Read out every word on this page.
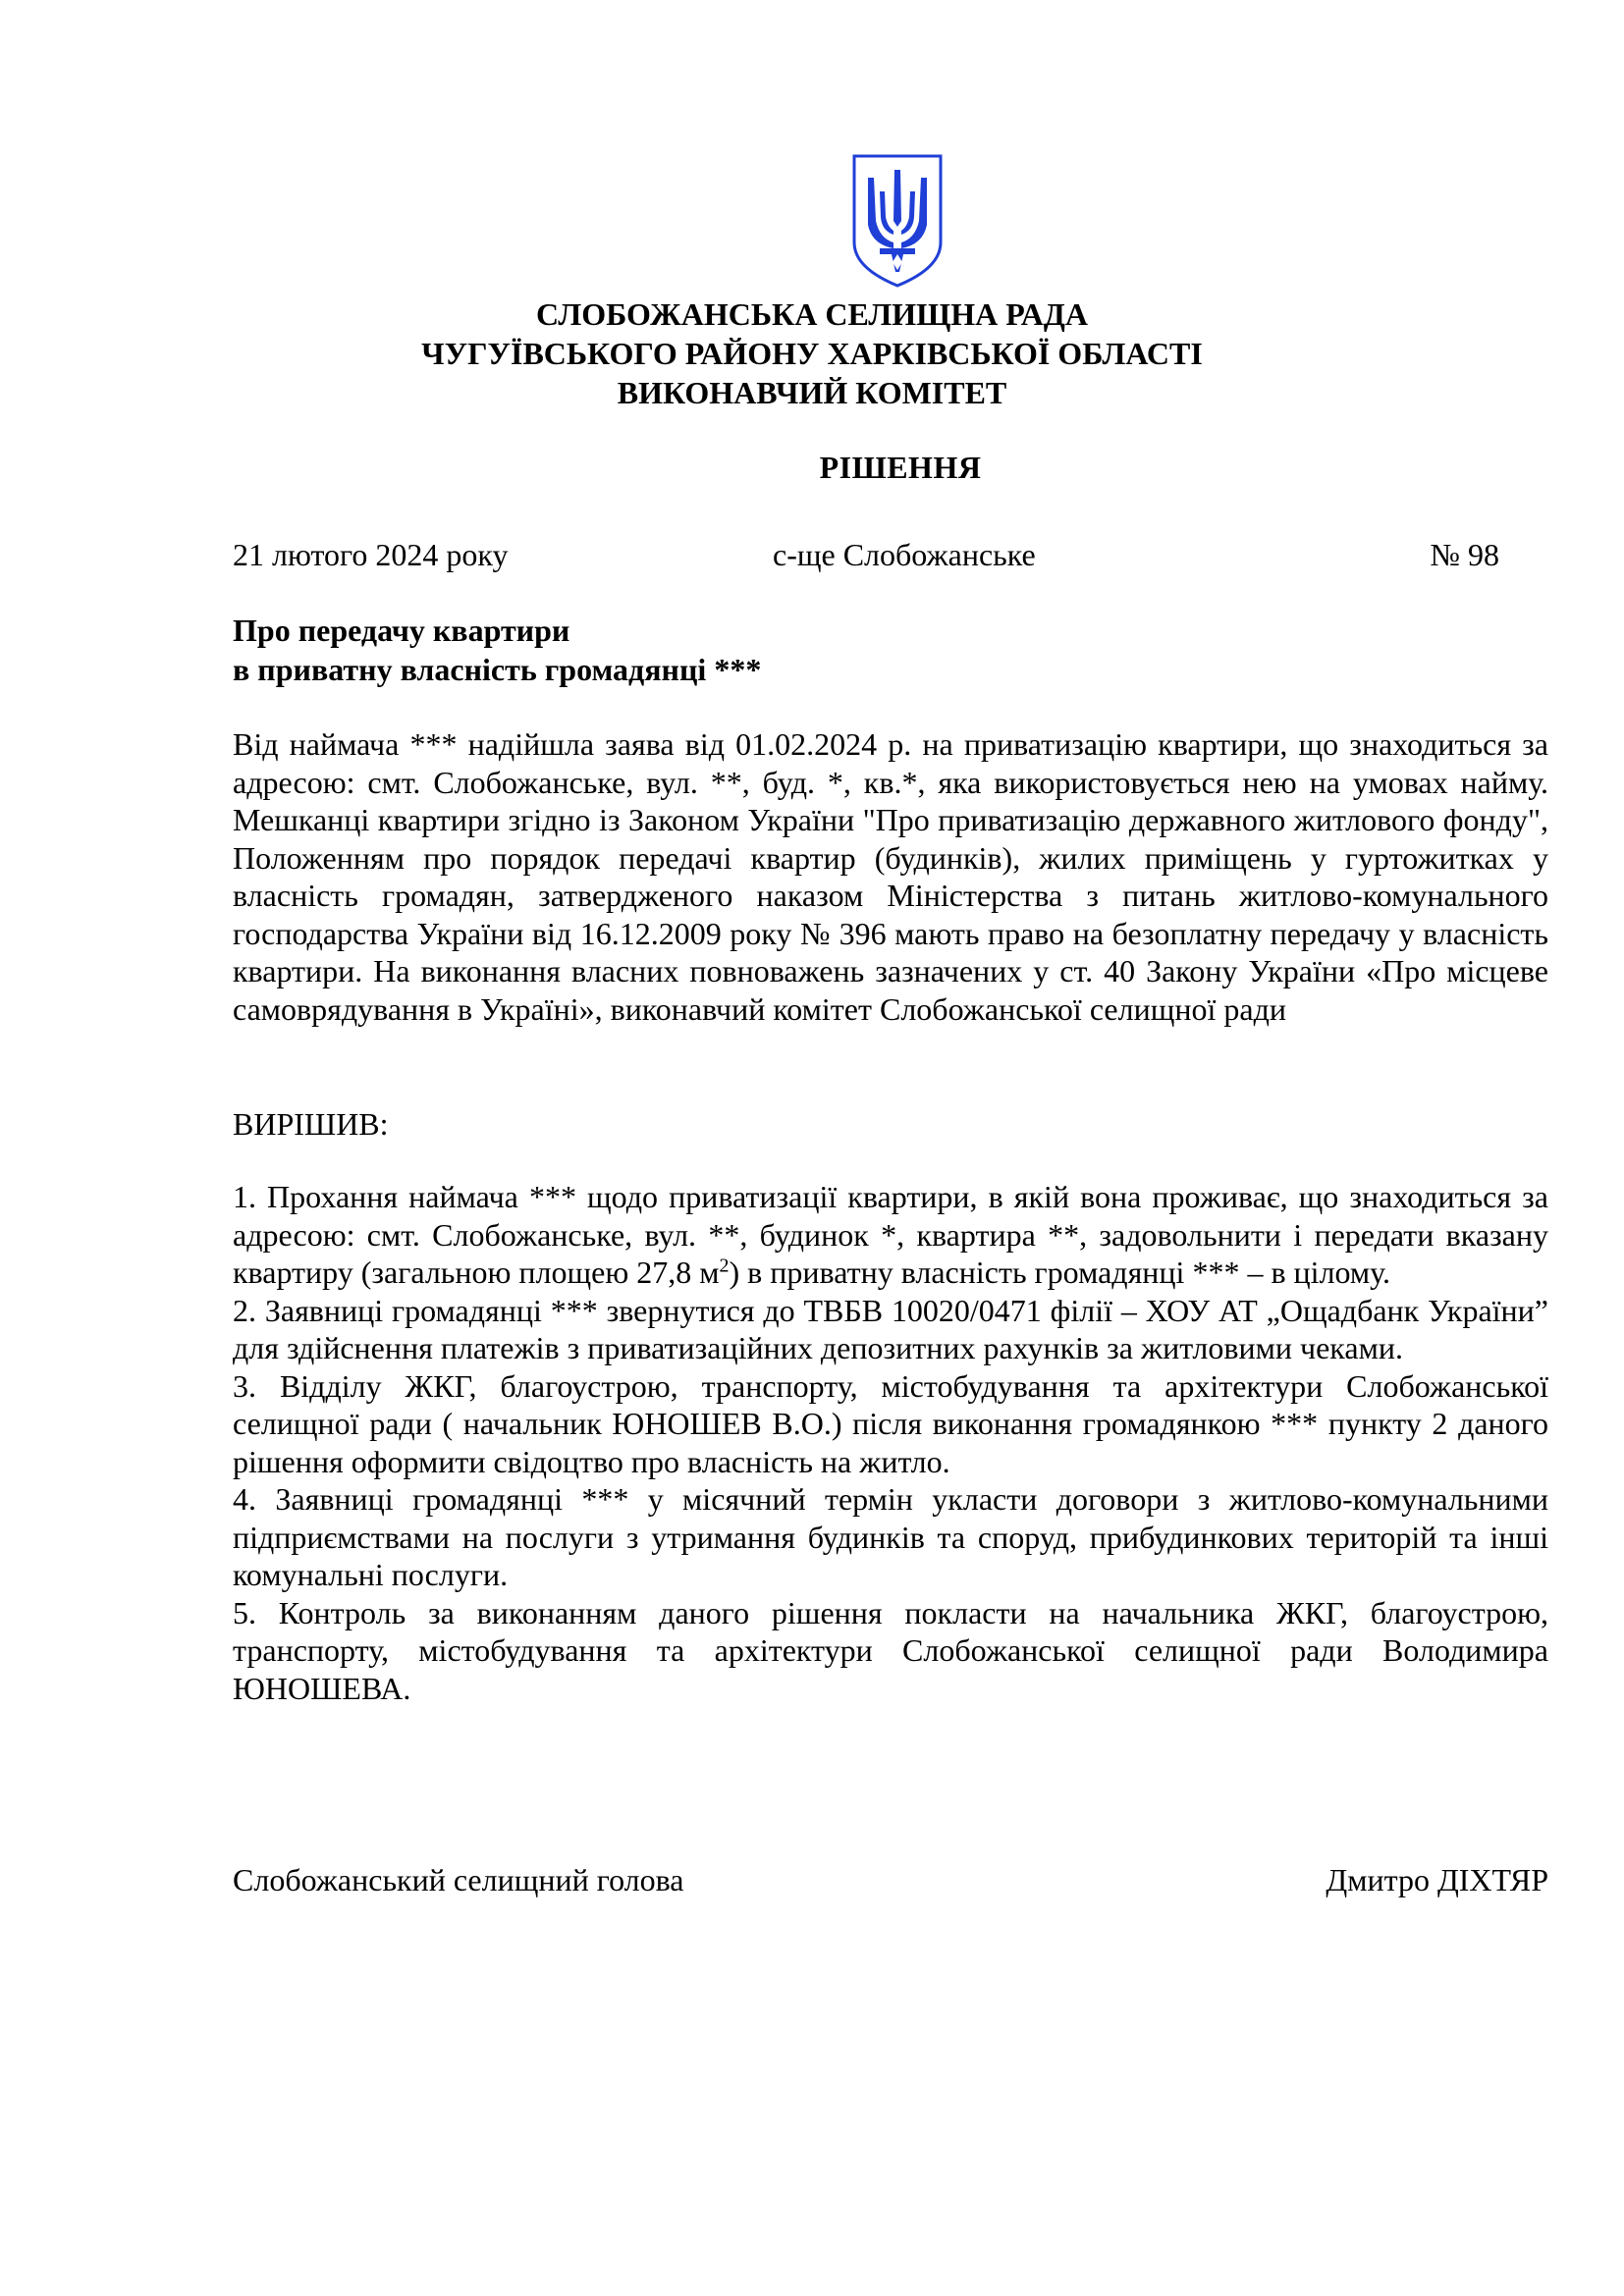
СЛОБОЖАНСЬКА СЕЛИЩНА РАДА
ЧУГУЇВСЬКОГО РАЙОНУ ХАРКІВСЬКОЇ ОБЛАСТІ
ВИКОНАВЧИЙ КОМІТЕТ
РІШЕННЯ
21 лютого 2024 року	с-ще Слобожанське	№ 98
Про передачу квартири
в приватну власність громадянці ***
Від наймача *** надійшла заява від 01.02.2024 р. на приватизацію квартири, що знаходиться за адресою: смт. Слобожанське, вул. **, буд. *, кв.*, яка використовується нею на умовах найму. Мешканці квартири згідно із Законом України "Про приватизацію державного житлового фонду", Положенням про порядок передачі квартир (будинків), жилих приміщень у гуртожитках у власність громадян, затвердженого наказом Міністерства з питань житлово-комунального господарства України від 16.12.2009 року № 396 мають право на безоплатну передачу у власність квартири. На виконання власних повноважень зазначених у ст. 40 Закону України «Про місцеве самоврядування в Україні», виконавчий комітет Слобожанської селищної ради
ВИРІШИВ:

1. Прохання наймача *** щодо приватизації квартири, в якій вона проживає, що знаходиться за адресою: смт. Слобожанське, вул. **, будинок *, квартира **, задовольнити і передати вказану квартиру (загальною площею 27,8 $м^2$) в приватну власність громадянці *** – в цілому.

2. Заявниці громадянці *** звернутися до ТВБВ 10020/0471 філії – ХОУ АТ „Ощадбанк України” для здійснення платежів з приватизаційних депозитних рахунків за житловими чеками.

3. Відділу ЖКГ, благоустрою, транспорту, містобудування та архітектури Слобожанської селищної ради ( начальник ЮНОШЕВ В.О.) після виконання громадянкою *** пункту 2 даного рішення оформити свідоцтво про власність на житло.

4. Заявниці громадянці *** у місячний термін укласти договори з житлово-комунальними підприємствами на послуги з утримання будинків та споруд, прибудинкових територій та інші комунальні послуги.

5. Контроль за виконанням даного рішення покласти на начальника ЖКГ, благоустрою, транспорту, містобудування та архітектури Слобожанської селищної ради Володимира ЮНОШЕВА.

Слобожанський селищний голова	Дмитро ДІХТЯР
